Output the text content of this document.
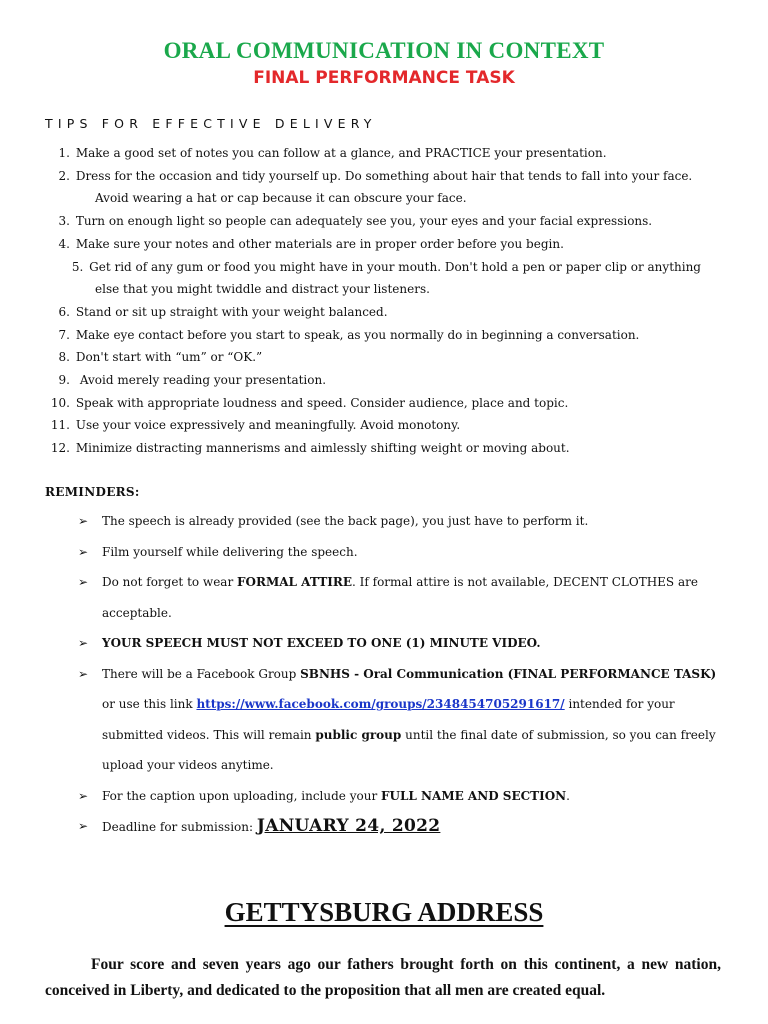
ORAL COMMUNICATION IN CONTEXT
FINAL PERFORMANCE TASK
TIPS FOR EFFECTIVE DELIVERY
1. Make a good set of notes you can follow at a glance, and PRACTICE your presentation.
2. Dress for the occasion and tidy yourself up. Do something about hair that tends to fall into your face.
Avoid wearing a hat or cap because it can obscure your face.
3. Turn on enough light so people can adequately see you, your eyes and your facial expressions.
4. Make sure your notes and other materials are in proper order before you begin.
5.
Get rid of any gum or food you might have in your mouth. Don't hold a pen or paper clip or anything
else that you might twiddle and distract your listeners.
6. Stand or sit up straight with your weight balanced.
7. Make eye contact before you start to speak, as you normally do in beginning a conversation.
8. Don't start with “um” or “OK.”
9. Avoid merely reading your presentation.
10. Speak with appropriate loudness and speed. Consider audience, place and topic.
11. Use your voice expressively and meaningfully. Avoid monotony.
12. Minimize distracting mannerisms and aimlessly shifting weight or moving about.
REMINDERS:
➢ The speech is already provided (see the back page), you just have to perform it.
➢ Film yourself while delivering the speech.
➢ Do not forget to wear FORMAL ATTIRE. If formal attire is not available, DECENT CLOTHES are acceptable.
➢ YOUR SPEECH MUST NOT EXCEED TO ONE (1) MINUTE VIDEO.
➢ There will be a Facebook Group SBNHS - Oral Communication (FINAL PERFORMANCE TASK) or use this link https://www.facebook.com/groups/2348454705291617/ intended for your submitted videos. This will remain public group until the final date of submission, so you can freely upload your videos anytime.
➢ For the caption upon uploading, include your FULL NAME AND SECTION.
➢ Deadline for submission: JANUARY 24, 2022
GETTYSBURG ADDRESS

Four score and seven years ago our fathers brought forth on this continent, a new nation, conceived in Liberty, and dedicated to the proposition that all men are created equal.
